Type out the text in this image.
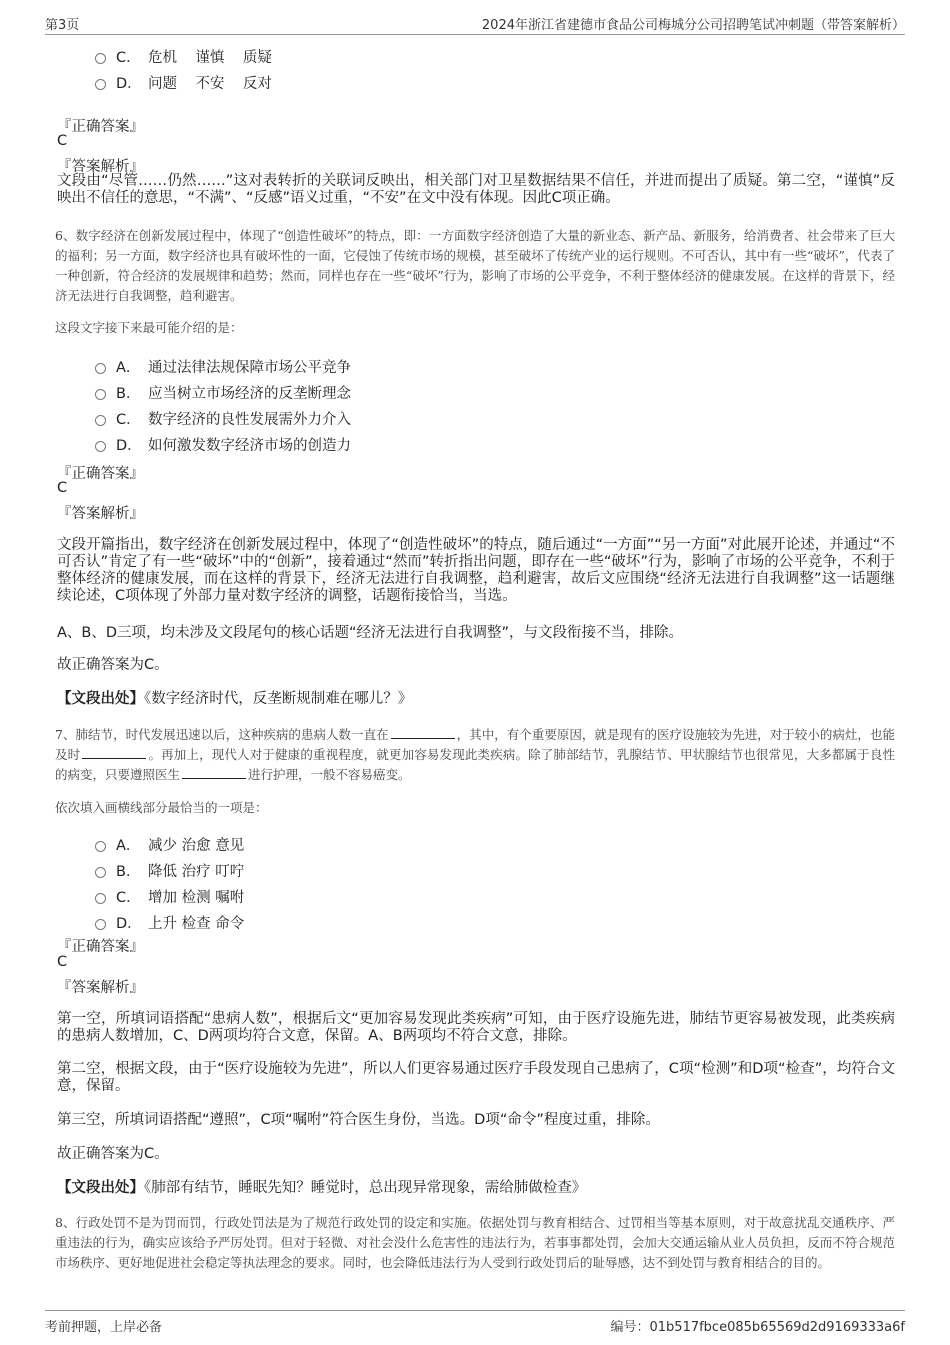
第3页	2024年浙江省建德市食品公司梅城分公司招聘笔试冲刺题（带答案解析）
C． 危机    谨慎    质疑
D． 问题    不安    反对
『正确答案』
C
『答案解析』
文段由“尽管……仍然……”这对表转折的关联词反映出，相关部门对卫星数据结果不信任，并进而提出了质疑。第二空，“谨慎”反映出不信任的意思，“不满”、“反感”语义过重，“不安”在文中没有体现。因此C项正确。
6、数字经济在创新发展过程中，体现了“创造性破坏”的特点，即：一方面数字经济创造了大量的新业态、新产品、新服务，给消费者、社会带来了巨大的福利；另一方面，数字经济也具有破坏性的一面，它侵蚀了传统市场的规模，甚至破坏了传统产业的运行规则。不可否认，其中有一些“破坏”，代表了一种创新，符合经济的发展规律和趋势；然而，同样也存在一些“破坏”行为，影响了市场的公平竞争，不利于整体经济的健康发展。在这样的背景下，经济无法进行自我调整，趋利避害。
这段文字接下来最可能介绍的是：
A． 通过法律法规保障市场公平竞争
B． 应当树立市场经济的反垄断理念
C． 数字经济的良性发展需外力介入
D． 如何激发数字经济市场的创造力
『正确答案』
C
『答案解析』
文段开篇指出，数字经济在创新发展过程中，体现了“创造性破坏”的特点，随后通过“一方面”“另一方面”对此展开论述，并通过“不可否认”肯定了有一些“破坏”中的“创新”，接着通过“然而”转折指出问题，即存在一些“破坏”行为，影响了市场的公平竞争，不利于整体经济的健康发展，而在这样的背景下，经济无法进行自我调整，趋利避害，故后文应围绕“经济无法进行自我调整”这一话题继续论述，C项体现了外部力量对数字经济的调整，话题衔接恰当，当选。
A、B、D三项，均未涉及文段尾句的核心话题“经济无法进行自我调整”，与文段衔接不当，排除。
故正确答案为C。
【文段出处】《数字经济时代，反垄断规制难在哪儿？》
7、肺结节，时代发展迅速以后，这种疾病的患病人数一直在	，其中，有个重要原因，就是现有的医疗设施较为先进，对于较小的病灶，也能及时	。再加上，现代人对于健康的重视程度，就更加容易发现此类疾病。除了肺部结节，乳腺结节、甲状腺结节也很常见，大多都属于良性的病变，只要遵照医生	进行护理，一般不容易癌变。
依次填入画横线部分最恰当的一项是：
A． 减少 治愈 意见
B． 降低 治疗 叮咛
C． 增加 检测 嘱咐
D． 上升 检查 命令
『正确答案』
C
『答案解析』
第一空，所填词语搭配“患病人数”，根据后文“更加容易发现此类疾病”可知，由于医疗设施先进，肺结节更容易被发现，此类疾病的患病人数增加，C、D两项均符合文意，保留。A、B两项均不符合文意，排除。
第二空，根据文段，由于“医疗设施较为先进”，所以人们更容易通过医疗手段发现自己患病了，C项“检测”和D项“检查”，均符合文意，保留。
第三空，所填词语搭配“遵照”，C项“嘱咐”符合医生身份，当选。D项“命令”程度过重，排除。
故正确答案为C。
【文段出处】《肺部有结节，睡眠先知？睡觉时，总出现异常现象，需给肺做检查》
8、行政处罚不是为罚而罚，行政处罚法是为了规范行政处罚的设定和实施。依据处罚与教育相结合、过罚相当等基本原则，对于故意扰乱交通秩序、严重违法的行为，确实应该给予严厉处罚。但对于轻微、对社会没什么危害性的违法行为，若事事都处罚，会加大交通运输从业人员负担，反而不符合规范市场秩序、更好地促进社会稳定等执法理念的要求。同时，也会降低违法行为人受到行政处罚后的耻辱感，达不到处罚与教育相结合的目的。
考前押题，上岸必备	编号：01b517fbce085b65569d2d9169333a6f
